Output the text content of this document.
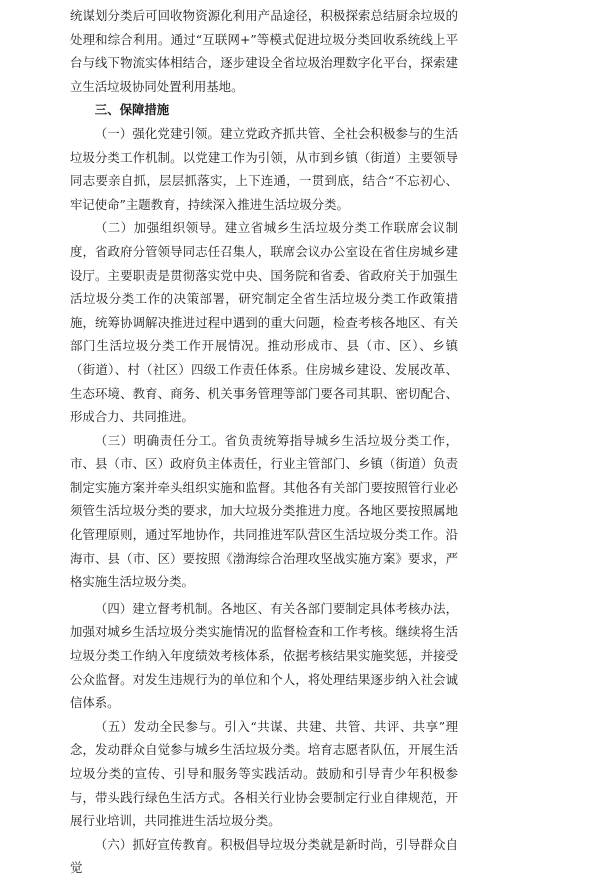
统谋划分类后可回收物资源化利用产品途径，积极探索总结厨余垃圾的处理和综合利用。通过“互联网+”等模式促进垃圾分类回收系统线上平台与线下物流实体相结合，逐步建设全省垃圾治理数字化平台，探索建立生活垃圾协同处置利用基地。

三、保障措施

（一）强化党建引领。建立党政齐抓共管、全社会积极参与的生活垃圾分类工作机制。以党建工作为引领，从市到乡镇（街道）主要领导同志要亲自抓，层层抓落实，上下连通，一贯到底，结合“不忘初心、牢记使命”主题教育，持续深入推进生活垃圾分类。

（二）加强组织领导。建立省城乡生活垃圾分类工作联席会议制度，省政府分管领导同志任召集人，联席会议办公室设在省住房城乡建设厅。主要职责是贯彻落实党中央、国务院和省委、省政府关于加强生活垃圾分类工作的决策部署，研究制定全省生活垃圾分类工作政策措施，统筹协调解决推进过程中遇到的重大问题，检查考核各地区、有关部门生活垃圾分类工作开展情况。推动形成市、县（市、区）、乡镇（街道）、村（社区）四级工作责任体系。住房城乡建设、发展改革、生态环境、教育、商务、机关事务管理等部门要各司其职、密切配合、形成合力、共同推进。

（三）明确责任分工。省负责统筹指导城乡生活垃圾分类工作，市、县（市、区）政府负主体责任，行业主管部门、乡镇（街道）负责制定实施方案并牵头组织实施和监督。其他各有关部门要按照管行业必须管生活垃圾分类的要求，加大垃圾分类推进力度。各地区要按照属地化管理原则，通过军地协作，共同推进军队营区生活垃圾分类工作。沿海市、县（市、区）要按照《渤海综合治理攻坚战实施方案》要求，严格实施生活垃圾分类。

（四）建立督考机制。各地区、有关各部门要制定具体考核办法，加强对城乡生活垃圾分类实施情况的监督检查和工作考核。继续将生活垃圾分类工作纳入年度绩效考核体系，依据考核结果实施奖惩，并接受公众监督。对发生违规行为的单位和个人，将处理结果逐步纳入社会诚信体系。

（五）发动全民参与。引入“共谋、共建、共管、共评、共享”理念，发动群众自觉参与城乡生活垃圾分类。培育志愿者队伍，开展生活垃圾分类的宣传、引导和服务等实践活动。鼓励和引导青少年积极参与，带头践行绿色生活方式。各相关行业协会要制定行业自律规范，开展行业培训，共同推进生活垃圾分类。

（六）抓好宣传教育。积极倡导垃圾分类就是新时尚，引导群众自觉
